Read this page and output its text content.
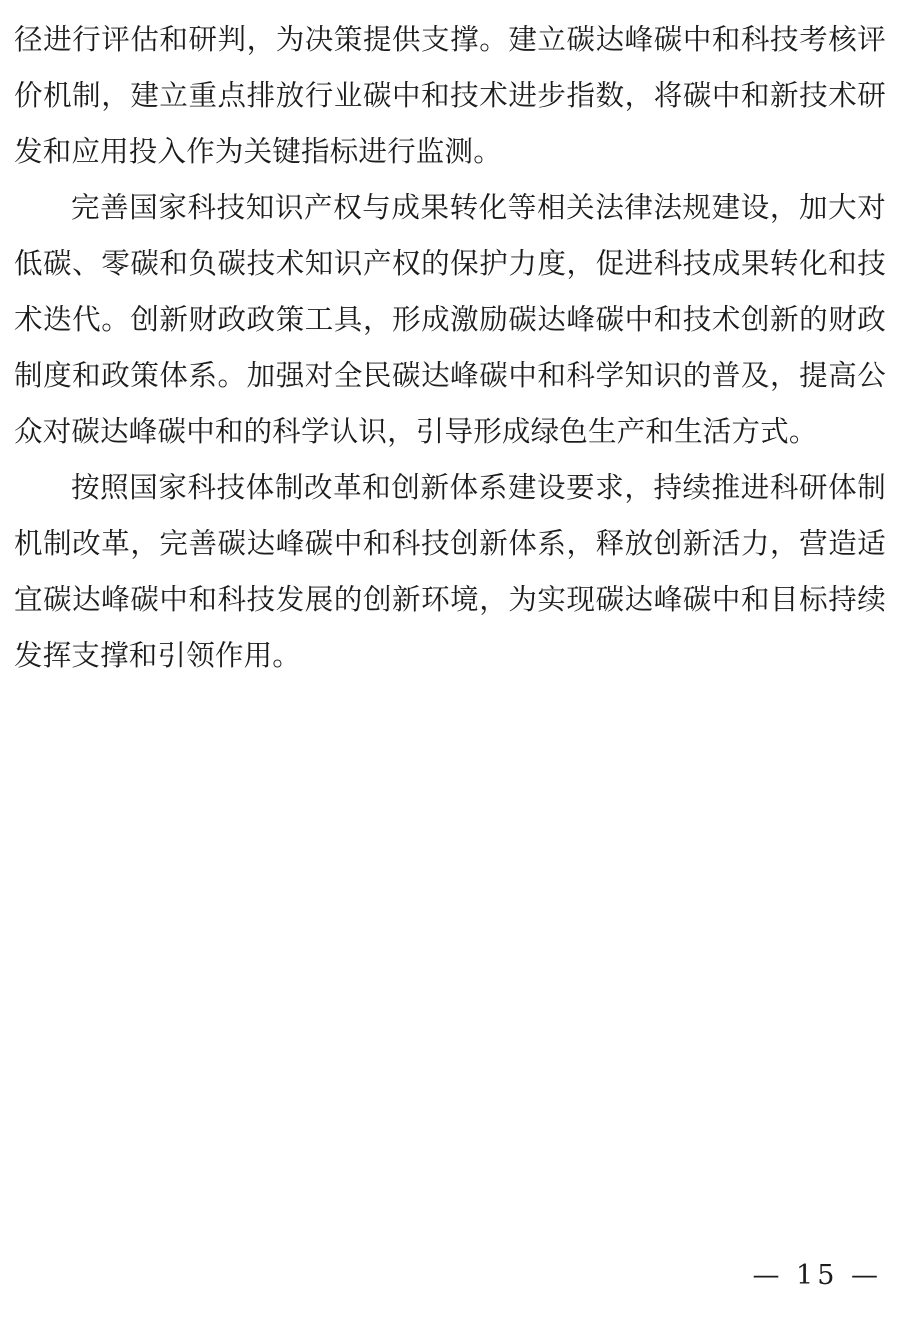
径进行评估和研判，为决策提供支撑。建立碳达峰碳中和科技考核评价机制，建立重点排放行业碳中和技术进步指数，将碳中和新技术研发和应用投入作为关键指标进行监测。

完善国家科技知识产权与成果转化等相关法律法规建设，加大对低碳、零碳和负碳技术知识产权的保护力度，促进科技成果转化和技术迭代。创新财政政策工具，形成激励碳达峰碳中和技术创新的财政制度和政策体系。加强对全民碳达峰碳中和科学知识的普及，提高公众对碳达峰碳中和的科学认识，引导形成绿色生产和生活方式。

按照国家科技体制改革和创新体系建设要求，持续推进科研体制机制改革，完善碳达峰碳中和科技创新体系，释放创新活力，营造适宜碳达峰碳中和科技发展的创新环境，为实现碳达峰碳中和目标持续发挥支撑和引领作用。

— 15 —
